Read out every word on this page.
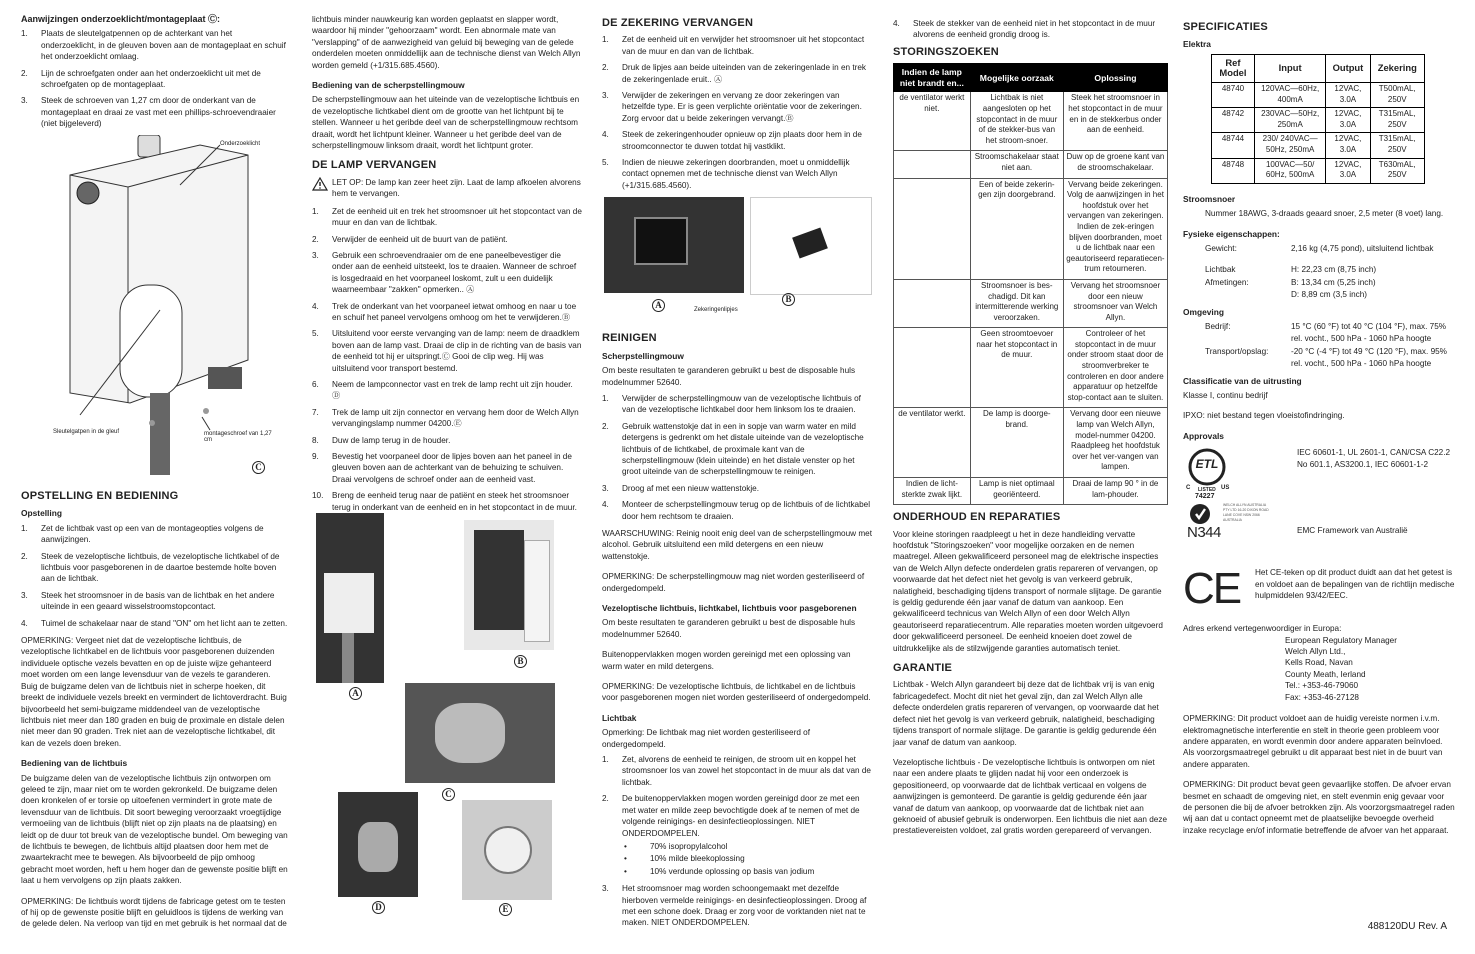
Aanwijzingen onderzoeklicht/montageplaat Ⓒ:
1. Plaats de sleutelgatpennen op de achterkant van het onderzoeklicht, in de gleuven boven aan de montageplaat en schuif het onderzoeklicht omlaag.
2. Lijn de schroefgaten onder aan het onderzoeklicht uit met de schroefgaten op de montageplaat.
3. Steek de schroeven van 1,27 cm door de onderkant van de montageplaat en draai ze vast met een phillips-schroevendraaier (niet bijgeleverd)
Onderzoeklicht
Sleutelgatpen in de gleuf	montageschroef van 1,27 cm
C
OPSTELLING EN BEDIENING
Opstelling
1. Zet de lichtbak vast op een van de montageopties volgens de aanwijzingen.
2. Steek de vezeloptische lichtbuis, de vezeloptische lichtkabel of de lichtbuis voor pasgeborenen in de daartoe bestemde holte boven aan de lichtbak.
3. Steek het stroomsnoer in de basis van de lichtbak en het andere uiteinde in een geaard wisselstroomstopcontact.
4. Tuimel de schakelaar naar de stand "ON" om het licht aan te zetten.

OPMERKING: Vergeet niet dat de vezeloptische lichtbuis, de vezeloptische lichtkabel en de lichtbuis voor pasgeborenen duizenden individuele optische vezels bevatten en op de juiste wijze gehanteerd moet worden om een lange levensduur van de vezels te garanderen. Buig de buigzame delen van de lichtbuis niet in scherpe hoeken, dit breekt de individuele vezels breekt en vermindert de lichtoverdracht. Buig bijvoorbeeld het semi-buigzame middendeel van de vezeloptische lichtbuis niet meer dan 180 graden en buig de proximale en distale delen niet meer dan 90 graden. Trek niet aan de vezeloptische lichtkabel, dit kan de vezels doen breken.

Bediening van de lichtbuis

De buigzame delen van de vezeloptische lichtbuis zijn ontworpen om geleed te zijn, maar niet om te worden gekronkeld. De buigzame delen doen kronkelen of er torsie op uitoefenen vermindert in grote mate de levensduur van de lichtbuis. Dit soort beweging veroorzaakt vroegtijdige vermoeiing van de lichtbuis (blijft niet op zijn plaats na de plaatsing) en leidt op de duur tot breuk van de vezeloptische bundel. Om beweging van de lichtbuis te bewegen, de lichtbuis altijd plaatsen door hem met de zwaartekracht mee te bewegen. Als bijvoorbeeld de pijp omhoog gebracht moet worden, heft u hem hoger dan de gewenste positie blijft en laat u hem vervolgens op zijn plaats zakken.

OPMERKING: De lichtbuis wordt tijdens de fabricage getest om te testen of hij op de gewenste positie blijft en geluidloos is tijdens de werking van de gelede delen. Na verloop van tijd en met gebruik is het normaal dat de

lichtbuis minder nauwkeurig kan worden geplaatst en slapper wordt, waardoor hij minder "gehoorzaam" wordt. Een abnormale mate van "verslapping" of de aanwezigheid van geluid bij beweging van de gelede onderdelen moeten onmiddellijk aan de technische dienst van Welch Allyn worden gemeld (+1/315.685.4560).

Bediening van de scherpstellingmouw

De scherpstellingmouw aan het uiteinde van de vezeloptische lichtbuis en de vezeloptische lichtkabel dient om de grootte van het lichtpunt bij te stellen. Wanneer u het geribde deel van de scherpstellingmouw rechtsom draait, wordt het lichtpunt kleiner. Wanneer u het geribde deel van de scherpstellingmouw linksom draait, wordt het lichtpunt groter.

DE LAMP VERVANGEN
LET OP: De lamp kan zeer heet zijn. Laat de lamp afkoelen alvorens hem te vervangen.
1. Zet de eenheid uit en trek het stroomsnoer uit het stopcontact van de muur en dan van de lichtbak.
2. Verwijder de eenheid uit de buurt van de patiënt.
3. Gebruik een schroevendraaier om de ene paneelbevestiger die onder aan de eenheid uitsteekt, los te draaien. Wanneer de schroef is losgedraaid en het voorpaneel loskomt, zult u een duidelijk waarneembaar "zakken" opmerken.. Ⓐ
4. Trek de onderkant van het voorpaneel ietwat omhoog en naar u toe en schuif het paneel vervolgens omhoog om het te verwijderen.Ⓑ
5. Uitsluitend voor eerste vervanging van de lamp: neem de draadklem boven aan de lamp vast. Draai de clip in de richting van de basis van de eenheid tot hij er uitspringt.Ⓒ Gooi de clip weg. Hij was uitsluitend voor transport bestemd.
6. Neem de lampconnector vast en trek de lamp recht uit zijn houder. Ⓓ
7. Trek de lamp uit zijn connector en vervang hem door de Welch Allyn vervangingslamp nummer 04200.Ⓔ
8. Duw de lamp terug in de houder.
9. Bevestig het voorpaneel door de lipjes boven aan het paneel in de gleuven boven aan de achterkant van de behuizing te schuiven. Draai vervolgens de schroef onder aan de eenheid vast.
10. Breng de eenheid terug naar de patiënt en steek het stroomsnoer terug in onderkant van de eenheid en in het stopcontact in de muur.
A
B
C
D	E
DE ZEKERING VERVANGEN
1. Zet de eenheid uit en verwijder het stroomsnoer uit het stopcontact van de muur en dan van de lichtbak.
2. Druk de lipjes aan beide uiteinden van de zekeringenlade in en trek de zekeringenlade eruit.. Ⓐ
3. Verwijder de zekeringen en vervang ze door zekeringen van hetzelfde type. Er is geen verplichte oriëntatie voor de zekeringen. Zorg ervoor dat u beide zekeringen vervangt.Ⓑ
4. Steek de zekeringenhouder opnieuw op zijn plaats door hem in de stroomconnector te duwen totdat hij vastklikt.
5. Indien de nieuwe zekeringen doorbranden, moet u onmiddellijk contact opnemen met de technische dienst van Welch Allyn (+1/315.685.4560).
A	Zekeringenlipjes
B
REINIGEN
Scherpstellingmouw

Om beste resultaten te garanderen gebruikt u best de disposable huls modelnummer 52640.

1. Verwijder de scherpstellingmouw van de vezeloptische lichtbuis of van de vezeloptische lichtkabel door hem linksom los te draaien.
2. Gebruik wattenstokje dat in een in sopje van warm water en mild detergens is gedrenkt om het distale uiteinde van de vezeloptische lichtbuis of de lichtkabel, de proximale kant van de scherpstellingmouw (klein uiteinde) en het distale venster op het groot uiteinde van de scherpstellingmouw te reinigen.
3. Droog af met een nieuw wattenstokje.
4. Monteer de scherpstellingmouw terug op de lichtbuis of de lichtkabel door hem rechtsom te draaien.

WAARSCHUWING: Reinig nooit enig deel van de scherpstellingmouw met alcohol. Gebruik uitsluitend een mild detergens en een nieuw wattenstokje.

OPMERKING: De scherpstellingmouw mag niet worden gesteriliseerd of ondergedompeld.

Vezeloptische lichtbuis, lichtkabel, lichtbuis voor pasgeborenen

Om beste resultaten te garanderen gebruikt u best de disposable huls modelnummer 52640.

Buitenoppervlakken mogen worden gereinigd met een oplossing van warm water en mild detergens.

OPMERKING: De vezeloptische lichtbuis, de lichtkabel en de lichtbuis voor pasgeborenen mogen niet worden gesteriliseerd of ondergedompeld.

Lichtbak

Opmerking: De lichtbak mag niet worden gesteriliseerd of ondergedompeld.

1. Zet, alvorens de eenheid te reinigen, de stroom uit en koppel het stroomsnoer los van zowel het stopcontact in de muur als dat van de lichtbak.
2. De buitenoppervlakken mogen worden gereinigd door ze met een met water en milde zeep bevochtigde doek af te nemen of met de volgende reinigings- en desinfectieoplossingen. NIET ONDERDOMPELEN.
• 70% isopropylalcohol
• 10% milde bleekoplossing
• 10% verdunde oplossing op basis van jodium
3. Het stroomsnoer mag worden schoongemaakt met dezelfde hierboven vermelde reinigings- en desinfectieoplossingen. Droog af met een schone doek. Draag er zorg voor de vorktanden niet nat te maken. NIET ONDERDOMPELEN.
4. Steek de stekker van de eenheid niet in het stopcontact in de muur alvorens de eenheid grondig droog is.
STORINGSZOEKEN
Indien de lamp niet brandt en...	Mogelijke oorzaak	Oplossing
de ventilator werkt niet.	Lichtbak is niet aangesloten op het stopcontact in de muur of de stekker-bus van het stroom-snoer.	Steek het stroomsnoer in het stopcontact in de muur en in de stekkerbus onder aan de eenheid.
	Stroomschakelaar staat niet aan.	Duw op de groene kant van de stroomschakelaar.
	Een of beide zekerin-gen zijn doorgebrand.	Vervang beide zekeringen. Volg de aanwijzingen in het hoofdstuk over het vervangen van zekeringen. Indien de zek-eringen blijven doorbranden, moet u de lichtbak naar een geautoriseerd reparatiecen-trum retourneren.
	Stroomsnoer is bes-chadigd. Dit kan intermitterende werking veroorzaken.	Vervang het stroomsnoer door een nieuw stroomsnoer van Welch Allyn.
	Geen stroomtoevoer naar het stopcontact in de muur.	Controleer of het stopcontact in de muur onder stroom staat door de stroomverbreker te controleren en door andere apparatuur op hetzelfde stop-contact aan te sluiten.
de ventilator werkt.	De lamp is doorge-brand.	Vervang door een nieuwe lamp van Welch Allyn, model-nummer 04200. Raadpleeg het hoofdstuk over het ver-vangen van lampen.
Indien de licht-sterkte zwak lijkt.	Lamp is niet optimaal georiënteerd.	Draai de lamp 90 ° in de lam-phouder.
ONDERHOUD EN REPARATIES

Voor kleine storingen raadpleegt u het in deze handleiding vervatte hoofdstuk "Storingszoeken" voor mogelijke oorzaken en de nemen maatregel. Alleen gekwalificeerd personeel mag de elektrische inspecties van de Welch Allyn defecte onderdelen gratis repareren of vervangen, op voorwaarde dat het defect niet het gevolg is van verkeerd gebruik, nalatigheid, beschadiging tijdens transport of normale slijtage. De garantie is geldig gedurende één jaar vanaf de datum van aankoop. Een gekwalificeerd technicus van Welch Allyn of een door Welch Allyn geautoriseerd reparatiecentrum. Alle reparaties moeten worden uitgevoerd door gekwalificeerd personeel. De eenheid knoeien doet zowel de uitdrukkelijke als de stilzwijgende garanties automatisch teniet.

GARANTIE

Lichtbak - Welch Allyn garandeert bij deze dat de lichtbak vrij is van enig fabricagedefect. Mocht dit niet het geval zijn, dan zal Welch Allyn alle defecte onderdelen gratis repareren of vervangen, op voorwaarde dat het defect niet het gevolg is van verkeerd gebruik, nalatigheid, beschadiging tijdens transport of normale slijtage. De garantie is geldig gedurende één jaar vanaf de datum van aankoop.

Vezeloptische lichtbuis - De vezeloptische lichtbuis is ontworpen om niet naar een andere plaats te glijden nadat hij voor een onderzoek is gepositioneerd, op voorwaarde dat de lichtbak verticaal en volgens de aanwijzingen is gemonteerd. De garantie is geldig gedurende één jaar vanaf de datum van aankoop, op voorwaarde dat de lichtbak niet aan geknoeid of abusief gebruik is onderworpen. Een lichtbuis die niet aan deze prestatievereisten voldoet, zal gratis worden gerepareerd of vervangen.

SPECIFICATIES
Elektra
Ref Model	Input	Output	Zekering
48740	120VAC—60Hz, 400mA	12VAC, 3.0A	T500mAL, 250V
48742	230VAC—50Hz, 250mA	12VAC, 3.0A	T315mAL, 250V
48744	230/ 240VAC—50Hz, 250mA	12VAC, 3.0A	T315mAL, 250V
48748	100VAC—50/ 60Hz, 500mA	12VAC, 3.0A	T630mAL, 250V
Stroomsnoer

Nummer 18AWG, 3-draads geaard snoer, 2,5 meter (8 voet) lang.

Fysieke eigenschappen:
Gewicht:	2,16 kg (4,75 pond), uitsluitend lichtbak
Lichtbak	H: 22,23 cm (8,75 inch)
Afmetingen:	B: 13,34 cm (5,25 inch)
D: 8,89 cm (3,5 inch)
Omgeving
Bedrijf:	15 °C (60 °F) tot 40 °C (104 °F), max. 75%
rel. vocht., 500 hPa - 1060 hPa hoogte
Transport/opslag:	-20 °C (-4 °F) tot 49 °C (120 °F), max. 95%
rel. vocht., 500 hPa - 1060 hPa hoogte
Classificatie van de uitrusting

Klasse I, continu bedrijf

IPXO: niet bestand tegen vloeistofindringing.

Approvals
ETL
C LISTED US
74227
IEC 60601-1, UL 2601-1, CAN/CSA C22.2 No 601.1, AS3200.1, IEC 60601-1-2
WELCH ALLYN AUSTRALIA PTY LTD 16-20 DIXON ROAD LANE COVE NSW 2066 AUSTRALIA
N344	EMC Framework van Australië
CE	Het CE-teken op dit product duidt aan dat het getest is en voldoet aan de bepalingen van de richtlijn medische hulpmiddelen 93/42/EEC.

Adres erkend vertegenwoordiger in Europa:

European Regulatory Manager
Welch Allyn Ltd.,
Kells Road, Navan
County Meath, Ierland
Tel.: +353-46-79060
Fax: +353-46-27128

OPMERKING: Dit product voldoet aan de huidig vereiste normen i.v.m. elektromagnetische interferentie en stelt in theorie geen probleem voor andere apparaten, en wordt evenmin door andere apparaten beïnvloed. Als voorzorgsmaatregel gebruikt u dit apparaat best niet in de buurt van andere apparaten.

OPMERKING: Dit product bevat geen gevaarlijke stoffen. De afvoer ervan besmet en schaadt de omgeving niet, en stelt evenmin enig gevaar voor de personen die bij de afvoer betrokken zijn. Als voorzorgsmaatregel raden wij aan dat u contact opneemt met de plaatselijke bevoegde overheid inzake recyclage en/of informatie betreffende de afvoer van het apparaat.

488120DU Rev. A
